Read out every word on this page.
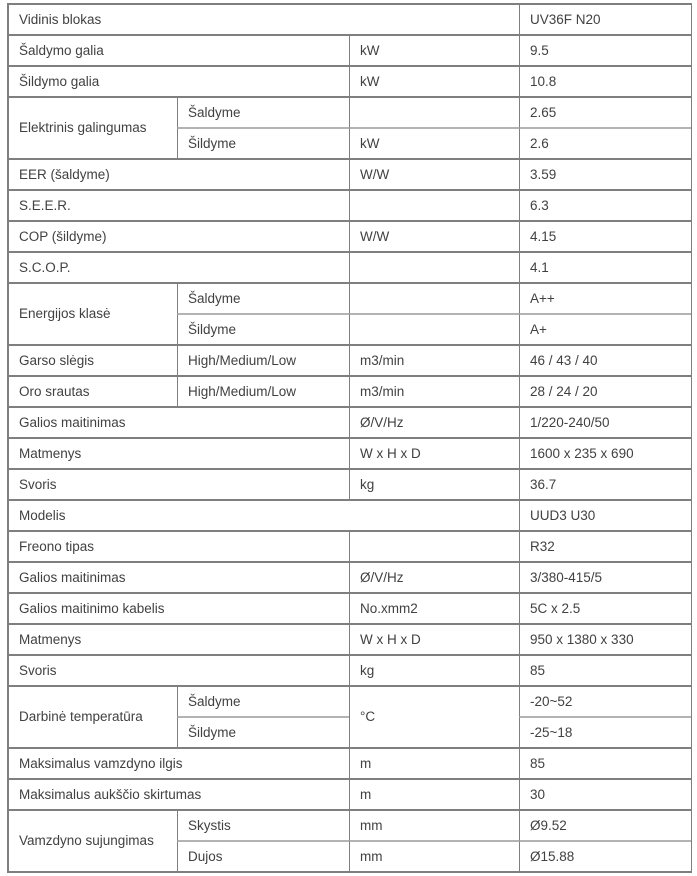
Vidinis blokas			UV36F N20
Šaldymo galia		kW	9.5
Šildymo galia		kW	10.8
Elektrinis galingumas	Šaldyme		2.65
	Šildyme	kW	2.6
EER (šaldyme)		W/W	3.59
S.E.E.R.			6.3
COP (šildyme)		W/W	4.15
S.C.O.P.			4.1
Energijos klasė	Šaldyme		A++
	Šildyme		A+
Garso slėgis	High/Medium/Low	m3/min	46 / 43 / 40
Oro srautas	High/Medium/Low	m3/min	28 / 24 / 20
Galios maitinimas		Ø/V/Hz	1/220-240/50
Matmenys		W x H x D	1600 x 235 x 690
Svoris		kg	36.7
Modelis			UUD3 U30
Freono tipas			R32
Galios maitinimas		Ø/V/Hz	3/380-415/5
Galios maitinimo kabelis		No.xmm2	5C x 2.5
Matmenys		W x H x D	950 x 1380 x 330
Svoris		kg	85
Darbinė temperatūra	Šaldyme	°C	-20~52
	Šildyme		-25~18
Maksimalus vamzdyno ilgis		m	85
Maksimalus aukščio skirtumas		m	30
Vamzdyno sujungimas	Skystis	mm	Ø9.52
	Dujos	mm	Ø15.88
